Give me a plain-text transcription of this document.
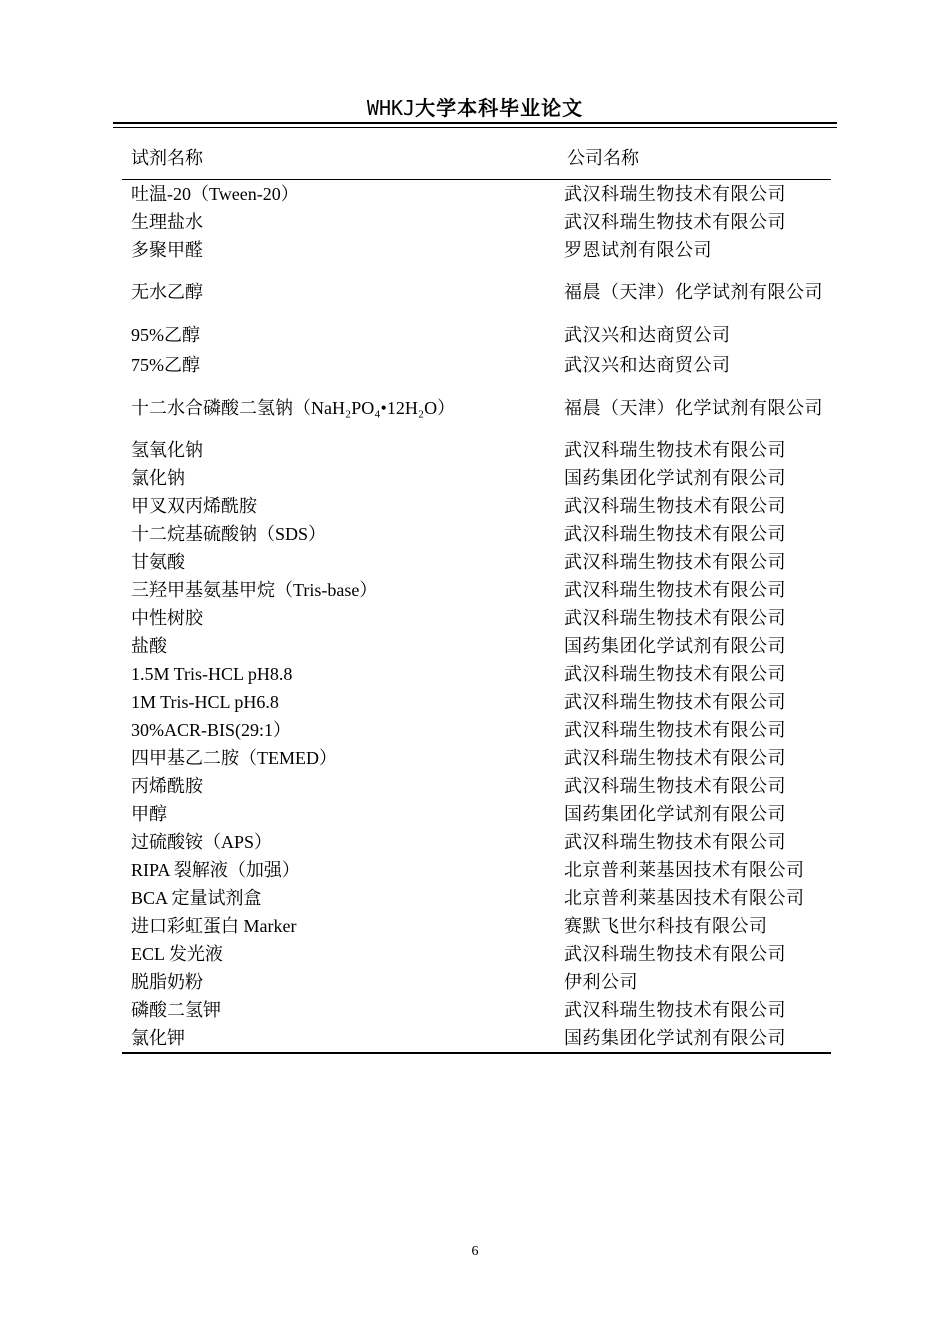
WHKJ大学本科毕业论文
试剂名称	公司名称
吐温-20（Tween-20）	武汉科瑞生物技术有限公司
生理盐水	武汉科瑞生物技术有限公司
多聚甲醛	罗恩试剂有限公司
无水乙醇	福晨（天津）化学试剂有限公司
95%乙醇	武汉兴和达商贸公司
75%乙醇	武汉兴和达商贸公司
十二水合磷酸二氢钠（NaH₂PO₄•12H₂O）	福晨（天津）化学试剂有限公司
氢氧化钠	武汉科瑞生物技术有限公司
氯化钠	国药集团化学试剂有限公司
甲叉双丙烯酰胺	武汉科瑞生物技术有限公司
十二烷基硫酸钠（SDS）	武汉科瑞生物技术有限公司
甘氨酸	武汉科瑞生物技术有限公司
三羟甲基氨基甲烷（Tris-base）	武汉科瑞生物技术有限公司
中性树胶	武汉科瑞生物技术有限公司
盐酸	国药集团化学试剂有限公司
1.5M Tris-HCL pH8.8	武汉科瑞生物技术有限公司
1M Tris-HCL pH6.8	武汉科瑞生物技术有限公司
30%ACR-BIS(29:1）	武汉科瑞生物技术有限公司
四甲基乙二胺（TEMED）	武汉科瑞生物技术有限公司
丙烯酰胺	武汉科瑞生物技术有限公司
甲醇	国药集团化学试剂有限公司
过硫酸铵（APS）	武汉科瑞生物技术有限公司
RIPA 裂解液（加强）	北京普利莱基因技术有限公司
BCA 定量试剂盒	北京普利莱基因技术有限公司
进口彩虹蛋白 Marker	赛默飞世尔科技有限公司
ECL 发光液	武汉科瑞生物技术有限公司
脱脂奶粉	伊利公司
磷酸二氢钾	武汉科瑞生物技术有限公司
氯化钾	国药集团化学试剂有限公司
6
